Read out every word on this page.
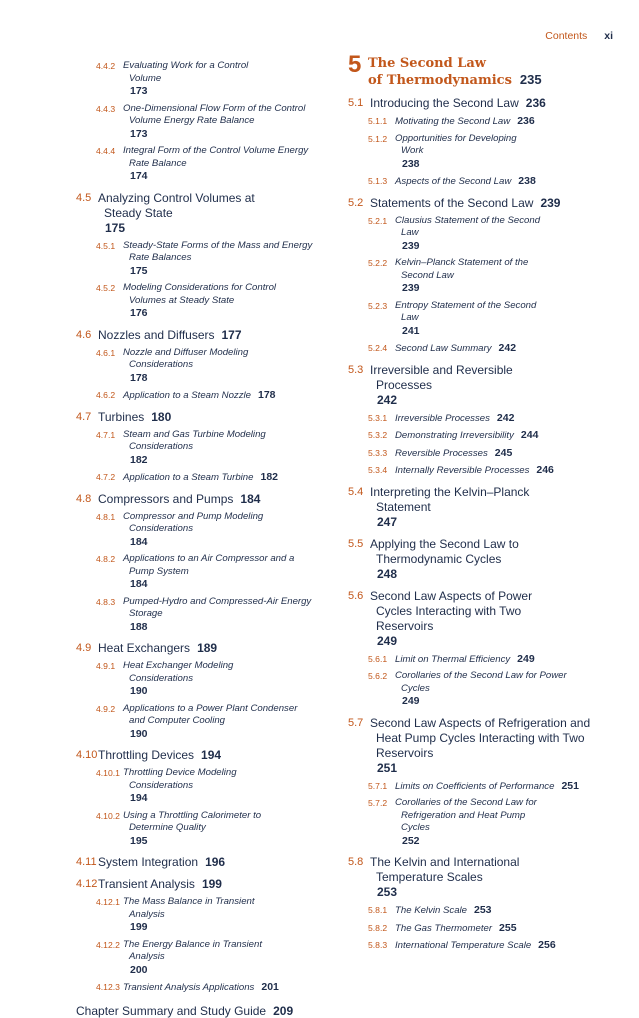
Contents xi
4.4.2 Evaluating Work for a Control
Volume
173
4.4.3 One-Dimensional Flow Form of the Control
Volume Energy Rate Balance
173
4.4.4 Integral Form of the Control Volume Energy
Rate Balance
174
4.5 Analyzing Control Volumes at
Steady State
175
4.5.1 Steady-State Forms of the Mass and Energy
Rate Balances
175
4.5.2 Modeling Considerations for Control
Volumes at Steady State
176
4.6 Nozzles and Diffusers 177
4.6.1 Nozzle and Diffuser Modeling
Considerations
178
4.6.2 Application to a Steam Nozzle 178
4.7 Turbines 180
4.7.1 Steam and Gas Turbine Modeling
Considerations
182
4.7.2 Application to a Steam Turbine 182
4.8 Compressors and Pumps 184
4.8.1 Compressor and Pump Modeling
Considerations
184
4.8.2 Applications to an Air Compressor and a
Pump System
184
4.8.3 Pumped-Hydro and Compressed-Air Energy
Storage
188
4.9 Heat Exchangers 189
4.9.1 Heat Exchanger Modeling
Considerations
190
4.9.2 Applications to a Power Plant Condenser
and Computer Cooling
190
4.10 Throttling Devices 194
4.10.1 Throttling Device Modeling
Considerations
194
4.10.2 Using a Throttling Calorimeter to
Determine Quality
195
4.11 System Integration 196
4.12 Transient Analysis 199
4.12.1 The Mass Balance in Transient
Analysis
199
4.12.2 The Energy Balance in Transient
Analysis
200
4.12.3 Transient Analysis Applications 201
Chapter Summary and Study Guide 209
5 The Second Law
of Thermodynamics 235
5.1 Introducing the Second Law 236
5.1.1 Motivating the Second Law 236
5.1.2 Opportunities for Developing
Work
238
5.1.3 Aspects of the Second Law 238
5.2 Statements of the Second Law 239
5.2.1 Clausius Statement of the Second
Law
239
5.2.2 Kelvin–Planck Statement of the
Second Law
239
5.2.3 Entropy Statement of the Second
Law
241
5.2.4 Second Law Summary 242
5.3 Irreversible and Reversible
Processes
242
5.3.1 Irreversible Processes 242
5.3.2 Demonstrating Irreversibility 244
5.3.3 Reversible Processes 245
5.3.4 Internally Reversible Processes 246
5.4 Interpreting the Kelvin–Planck
Statement
247
5.5 Applying the Second Law to
Thermodynamic Cycles
248
5.6 Second Law Aspects of Power
Cycles Interacting with Two
Reservoirs
249
5.6.1 Limit on Thermal Efficiency 249
5.6.2 Corollaries of the Second Law for Power
Cycles
249
5.7 Second Law Aspects of Refrigeration and
Heat Pump Cycles Interacting with Two
Reservoirs
251
5.7.1 Limits on Coefficients of Performance 251
5.7.2 Corollaries of the Second Law for
Refrigeration and Heat Pump
Cycles
252
5.8 The Kelvin and International
Temperature Scales
253
5.8.1 The Kelvin Scale 253
5.8.2 The Gas Thermometer 255
5.8.3 International Temperature Scale 256
